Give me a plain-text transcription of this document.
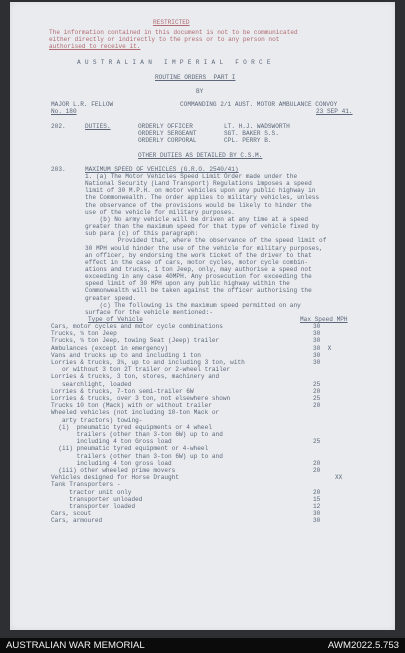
RESTRICTED
The information contained in this document is not to be communicated
either directly or indirectly to the press or to any person not
authorised to receive it.
A U S T R A L I A N   I M P E R I A L   F O R C E
ROUTINE ORDERS  PART I
BY
MAJOR L.R. FELLOW	COMMANDING 2/1 AUST. MOTOR AMBULANCE CONVOY
No. 180	23 SEP 41.
202.	DUTIES.	ORDERLY OFFICER	LT. H.J. WADSWORTH
ORDERLY SERGEANT	SGT. BAKER S.S.
ORDERLY CORPORAL	CPL. PERRY B.
OTHER DUTIES AS DETAILED BY C.S.M.
203.	MAXIMUM SPEED OF VEHICLES (G.R.O. 2540/41)
1. (a) The Motor Vehicles Speed Limit Order made under the
National Security (Land Transport) Regulations imposes a speed
limit of 30 M.P.H. on motor vehicles upon any public highway in
the Commonwealth. The order applies to military vehicles, unless
the observance of the provisions would be likely to hinder the
use of the vehicle for military purposes.
(b) No army vehicle will be driven at any time at a speed
greater than the maximum speed for that type of vehicle fixed by
sub para (c) of this paragraph:
Provided that, where the observance of the speed limit of
30 MPH would hinder the use of the vehicle for military purposes,
an officer, by endorsing the work ticket of the driver to that
effect in the case of cars, motor cycles, motor cycle combin-
ations and trucks, 1 ton Jeep, only, may authorise a speed not
exceeding in any case 40MPH. Any prosecution for exceeding the
speed limit of 30 MPH upon any public highway within the
Commonwealth will be taken against the officer authorising the
greater speed.
(c) The following is the maximum speed permitted on any
surface for the vehicle mentioned:-
Type of Vehicle	Max Speed MPH
Cars, motor cycles and motor cycle combinations	30
Trucks, ¼ ton Jeep	30
Trucks, ¼ ton Jeep, towing Seat (Jeep) trailer	30
Ambulances (except in emergency)	30  X
Vans and trucks up to and including 1 ton	30
Lorries & trucks, 3¼, up to and including 3 ton, with	30
or without 3 ton 2T trailer or 2-wheel trailer
Lorries & trucks, 3 ton, stores, machinery and
searchlight, loaded	25
Lorries & trucks, 7-ton semi-trailer 6W	20
Lorries & trucks, over 3 ton, not elsewhere shown	25
Trucks 10 ton (Mack) with or without trailer	20
Wheeled vehicles (not including 10-ton Mack or
arty tractors) towing-
(i)  pneumatic tyred equipments or 4 wheel
trailers (other than 3-ton 6W) up to and
including 4 ton Gross load	25
(ii) pneumatic tyred equipment or 4-wheel
trailers (other than 3-ton 6W) up to and
including 4 ton gross load	20
(iii) other wheeled prime movers	20
Vehicles designed for Horse Draught	XX
Tank Transporters -
tractor unit only	20
transporter unloaded	15
transporter loaded	12
Cars, scout	30
Cars, armoured	30
AUSTRALIAN WAR MEMORIAL	AWM2022.5.753
